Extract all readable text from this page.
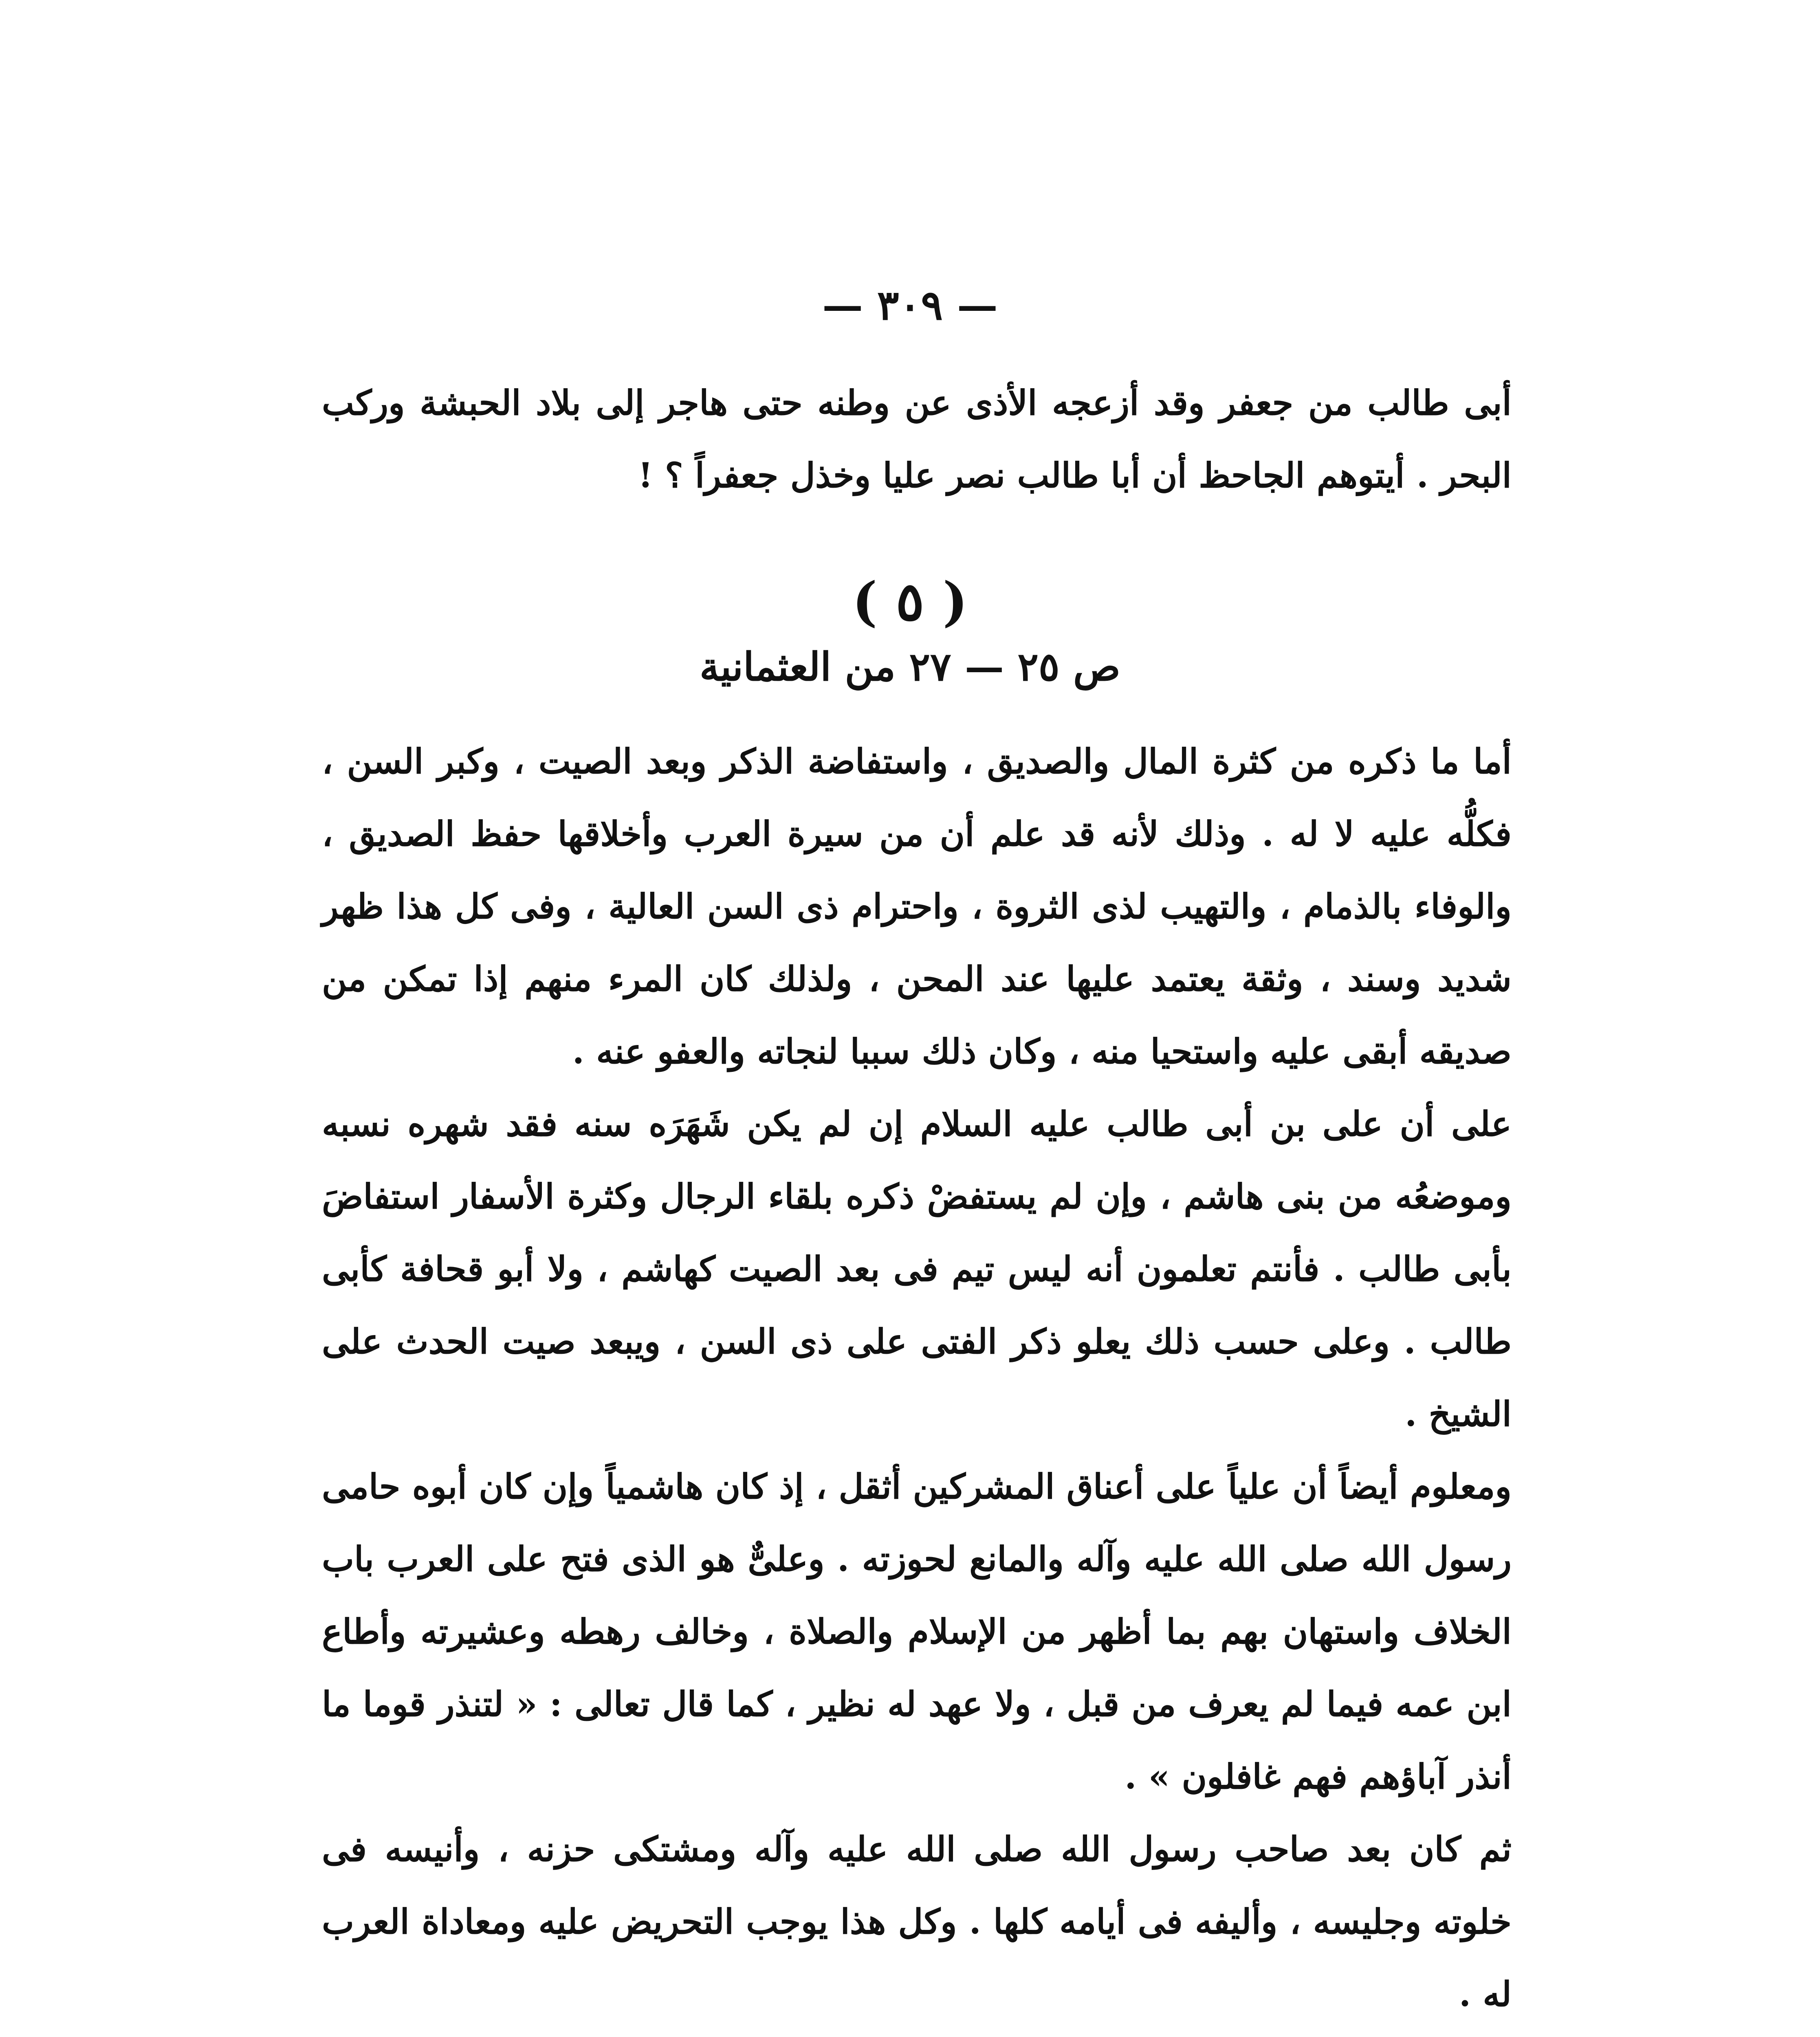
— ٣٠٩ —
أبى طالب من جعفر وقد أزعجه الأذى عن وطنه حتى هاجر إلى بلاد الحبشة وركب البحر . أيتوهم الجاحظ أن أبا طالب نصر عليا وخذل جعفراً ؟ !
( ٥ )
ص ٢٥ — ٢٧ من العثمانية

أما ما ذكره من كثرة المال والصديق ، واستفاضة الذكر وبعد الصيت ، وكبر السن ، فكلُّه عليه لا له . وذلك لأنه قد علم أن من سيرة العرب وأخلاقها حفظ الصديق ، والوفاء بالذمام ، والتهيب لذى الثروة ، واحترام ذى السن العالية ، وفى كل هذا ظهر شديد وسند ، وثقة يعتمد عليها عند المحن ، ولذلك كان المرء منهم إذا تمكن من صديقه أبقى عليه واستحيا منه ، وكان ذلك سببا لنجاته والعفو عنه .

على أن على بن أبى طالب عليه السلام إن لم يكن شَهَرَه سنه فقد شهره نسبه وموضعُه من بنى هاشم ، وإن لم يستفضْ ذكره بلقاء الرجال وكثرة الأسفار استفاضَ بأبى طالب . فأنتم تعلمون أنه ليس تيم فى بعد الصيت كهاشم ، ولا أبو قحافة كأبى طالب . وعلى حسب ذلك يعلو ذكر الفتى على ذى السن ، ويبعد صيت الحدث على الشيخ .

ومعلوم أيضاً أن علياً على أعناق المشركين أثقل ، إذ كان هاشمياً وإن كان أبوه حامى رسول الله صلى الله عليه وآله والمانع لحوزته . وعلىٌّ هو الذى فتح على العرب باب الخلاف واستهان بهم بما أظهر من الإسلام والصلاة ، وخالف رهطه وعشيرته وأطاع ابن عمه فيما لم يعرف من قبل ، ولا عهد له نظير ، كما قال تعالى : « لتنذر قوما ما أنذر آباؤهم فهم غافلون » .

ثم كان بعد صاحب رسول الله صلى الله عليه وآله ومشتكى حزنه ، وأنيسه فى خلوته وجليسه ، وأليفه فى أيامه كلها . وكل هذا يوجب التحريض عليه ومعاداة العرب له .
